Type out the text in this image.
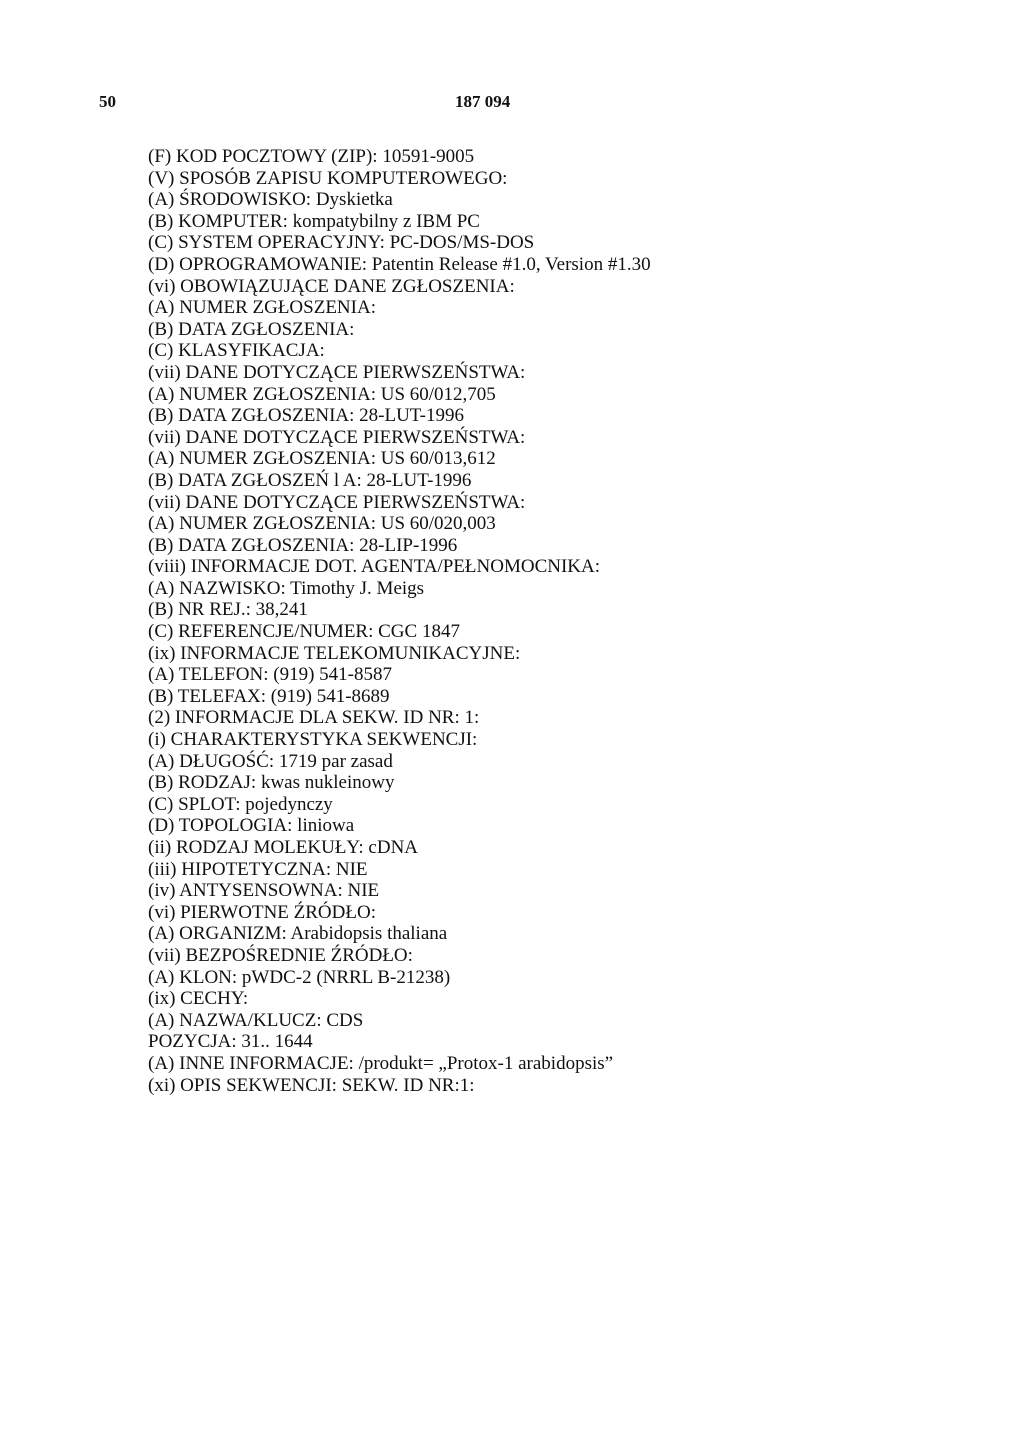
50	187 094
(F) KOD POCZTOWY (ZIP): 10591-9005
(V) SPOSÓB ZAPISU KOMPUTEROWEGO:
(A) ŚRODOWISKO: Dyskietka
(B) KOMPUTER: kompatybilny z IBM PC
(C) SYSTEM OPERACYJNY: PC-DOS/MS-DOS
(D) OPROGRAMOWANIE: Patentin Release #1.0, Version #1.30
(vi) OBOWIĄZUJĄCE DANE ZGŁOSZENIA:
(A) NUMER ZGŁOSZENIA:
(B) DATA ZGŁOSZENIA:
(C) KLASYFIKACJA:
(vii) DANE DOTYCZĄCE PIERWSZEŃSTWA:
(A) NUMER ZGŁOSZENIA: US 60/012,705
(B) DATA ZGŁOSZENIA: 28-LUT-1996
(vii) DANE DOTYCZĄCE PIERWSZEŃSTWA:
(A) NUMER ZGŁOSZENIA: US 60/013,612
(B) DATA ZGŁOSZEŃ l A: 28-LUT-1996
(vii) DANE DOTYCZĄCE PIERWSZEŃSTWA:
(A) NUMER ZGŁOSZENIA: US 60/020,003
(B) DATA ZGŁOSZENIA: 28-LIP-1996
(viii) INFORMACJE DOT. AGENTA/PEŁNOMOCNIKA:
(A) NAZWISKO: Timothy J. Meigs
(B) NR REJ.: 38,241
(C) REFERENCJE/NUMER: CGC 1847
(ix) INFORMACJE TELEKOMUNIKACYJNE:
(A) TELEFON: (919) 541-8587
(B) TELEFAX: (919) 541-8689
(2) INFORMACJE DLA SEKW. ID NR: 1:
(i) CHARAKTERYSTYKA SEKWENCJI:
(A) DŁUGOŚĆ: 1719 par zasad
(B) RODZAJ: kwas nukleinowy
(C) SPLOT: pojedynczy
(D) TOPOLOGIA: liniowa
(ii) RODZAJ MOLEKUŁY: cDNA
(iii) HIPOTETYCZNA: NIE
(iv) ANTYSENSOWNA: NIE
(vi) PIERWOTNE ŹRÓDŁO:
(A) ORGANIZM: Arabidopsis thaliana
(vii) BEZPOŚREDNIE ŹRÓDŁO:
(A) KLON: pWDC-2 (NRRL B-21238)
(ix) CECHY:
(A) NAZWA/KLUCZ: CDS
POZYCJA: 31.. 1644
(A) INNE INFORMACJE: /produkt= „Protox-1 arabidopsis”
(xi) OPIS SEKWENCJI: SEKW. ID NR:1:
